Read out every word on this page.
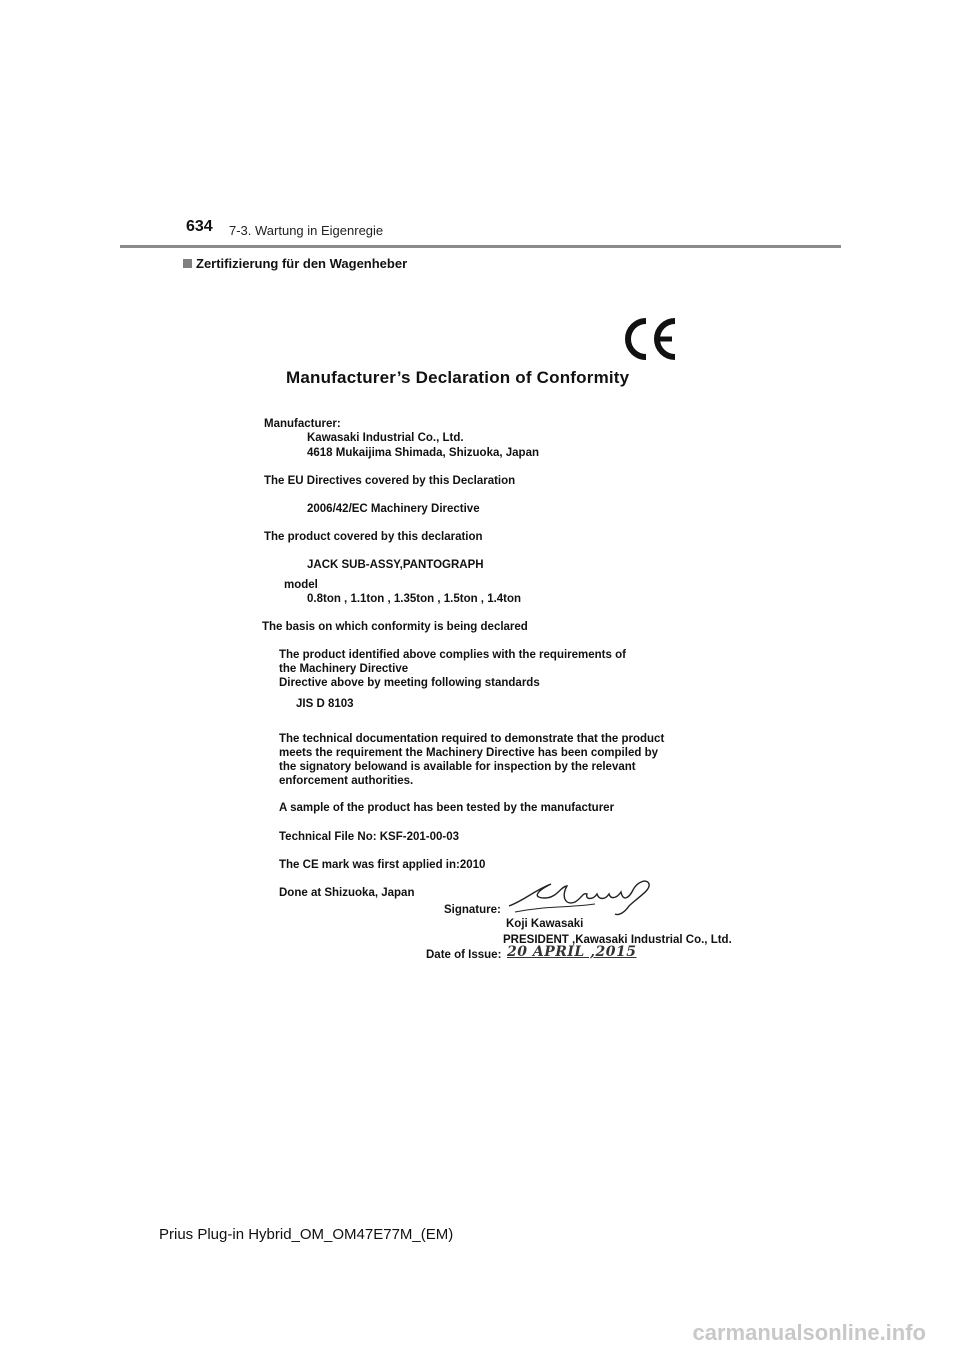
634 7-3. Wartung in Eigenregie
Zertifizierung für den Wagenheber
Manufacturer’s Declaration of Conformity
Manufacturer:
Kawasaki Industrial Co., Ltd.
4618 Mukaijima Shimada, Shizuoka, Japan
The EU Directives covered by this Declaration
2006/42/EC Machinery Directive
The product covered by this declaration
JACK SUB-ASSY,PANTOGRAPH
model
0.8ton , 1.1ton , 1.35ton , 1.5ton , 1.4ton
The basis on which conformity is being declared
The product identified above complies with the requirements of
the Machinery Directive
Directive above by meeting following standards
JIS D 8103
The technical documentation required to demonstrate that the product
meets the requirement the Machinery Directive has been compiled by
the signatory belowand is available for inspection by the relevant
enforcement authorities.
A sample of the product has been tested by the manufacturer
Technical File No: KSF-201-00-03
The CE mark was first applied in:2010
Done at Shizuoka, Japan
Signature:
Koji Kawasaki
PRESIDENT ,Kawasaki Industrial Co., Ltd.
Date of Issue: 20 APRIL ,2015
Prius Plug-in Hybrid_OM_OM47E77M_(EM)
carmanualsonline.info
